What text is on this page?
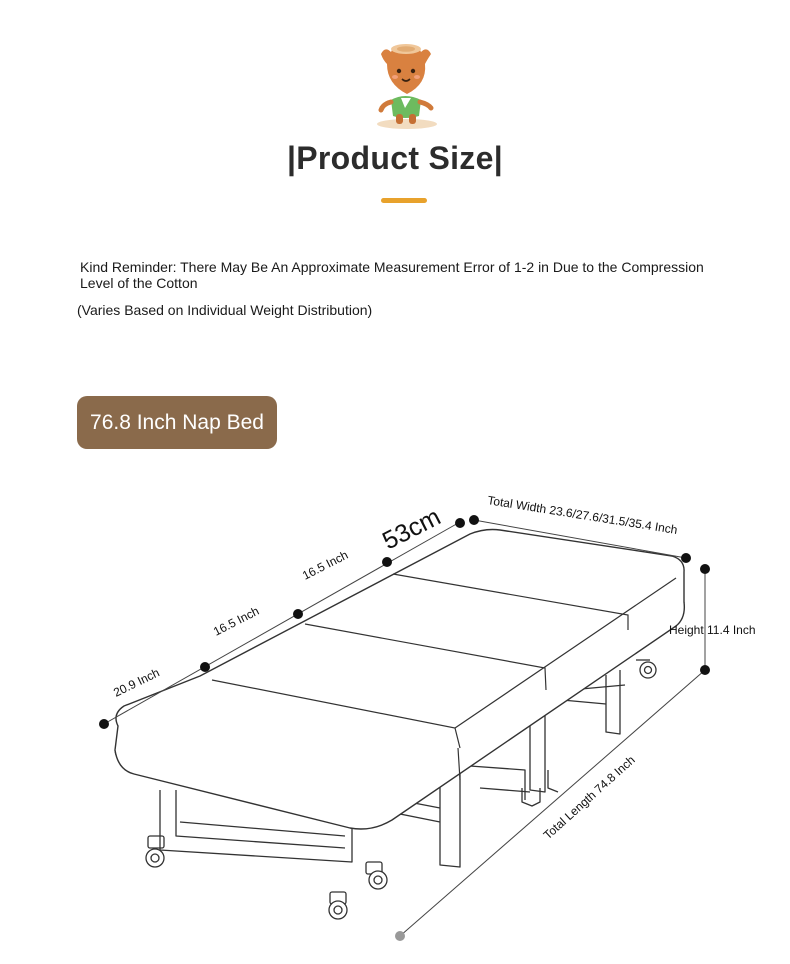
|Product Size|
Kind Reminder: There May Be An Approximate Measurement Error of 1-2 in Due to the Compression Level of the Cotton
(Varies Based on Individual Weight Distribution)
76.8 Inch Nap Bed
20.9 Inch
16.5 Inch
16.5 Inch
53cm	Total Width 23.6/27.6/31.5/35.4 Inch
Height 11.4 Inch
Total Length 74.8 Inch
